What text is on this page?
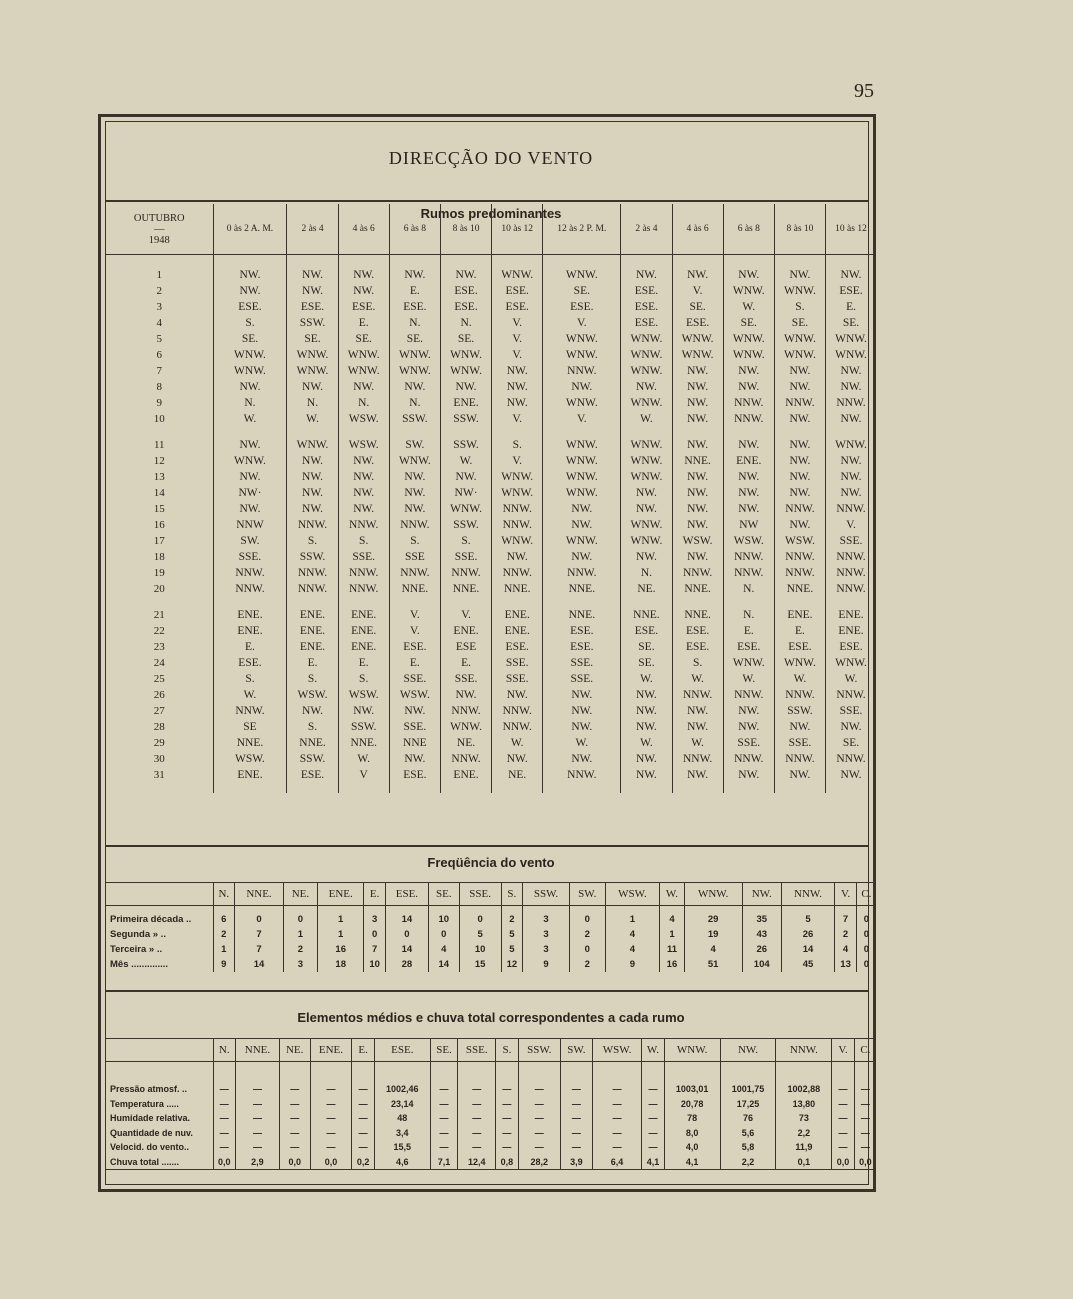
95
DIRECÇÃO DO VENTO
Rumos predominantes
OUTUBRO
—
1948	0 às 2 A. M.	2 às 4	4 às 6	6 às 8	8 às 10	10 às 12	12 às 2 P. M.	2 às 4	4 às 6	6 às 8	8 às 10	10 às 12

1	NW.	NW.	NW.	NW.	NW.	WNW.	WNW.	NW.	NW.	NW.	NW.	NW.
2	NW.	NW.	NW.	E.	ESE.	ESE.	SE.	ESE.	V.	WNW.	WNW.	ESE.
3	ESE.	ESE.	ESE.	ESE.	ESE.	ESE.	ESE.	ESE.	SE.	W.	S.	E.
4	S.	SSW.	E.	N.	N.	V.	V.	ESE.	ESE.	SE.	SE.	SE.
5	SE.	SE.	SE.	SE.	SE.	V.	WNW.	WNW.	WNW.	WNW.	WNW.	WNW.
6	WNW.	WNW.	WNW.	WNW.	WNW.	V.	WNW.	WNW.	WNW.	WNW.	WNW.	WNW.
7	WNW.	WNW.	WNW.	WNW.	WNW.	NW.	NNW.	WNW.	NW.	NW.	NW.	NW.
8	NW.	NW.	NW.	NW.	NW.	NW.	NW.	NW.	NW.	NW.	NW.	NW.
9	N.	N.	N.	N.	ENE.	NW.	WNW.	WNW.	NW.	NNW.	NNW.	NNW.
10	W.	W.	WSW.	SSW.	SSW.	V.	V.	W.	NW.	NNW.	NW.	NW.

11	NW.	WNW.	WSW.	SW.	SSW.	S.	WNW.	WNW.	NW.	NW.	NW.	WNW.
12	WNW.	NW.	NW.	WNW.	W.	V.	WNW.	WNW.	NNE.	ENE.	NW.	NW.
13	NW.	NW.	NW.	NW.	NW.	WNW.	WNW.	WNW.	NW.	NW.	NW.	NW.
14	NW·	NW.	NW.	NW.	NW·	WNW.	WNW.	NW.	NW.	NW.	NW.	NW.
15	NW.	NW.	NW.	NW.	WNW.	NNW.	NW.	NW.	NW.	NW.	NNW.	NNW.
16	NNW	NNW.	NNW.	NNW.	SSW.	NNW.	NW.	WNW.	NW.	NW	NW.	V.
17	SW.	S.	S.	S.	S.	WNW.	WNW.	WNW.	WSW.	WSW.	WSW.	SSE.
18	SSE.	SSW.	SSE.	SSE	SSE.	NW.	NW.	NW.	NW.	NNW.	NNW.	NNW.
19	NNW.	NNW.	NNW.	NNW.	NNW.	NNW.	NNW.	N.	NNW.	NNW.	NNW.	NNW.
20	NNW.	NNW.	NNW.	NNE.	NNE.	NNE.	NNE.	NE.	NNE.	N.	NNE.	NNW.

21	ENE.	ENE.	ENE.	V.	V.	ENE.	NNE.	NNE.	NNE.	N.	ENE.	ENE.
22	ENE.	ENE.	ENE.	V.	ENE.	ENE.	ESE.	ESE.	ESE.	E.	E.	ENE.
23	E.	ENE.	ENE.	ESE.	ESE	ESE.	ESE.	SE.	ESE.	ESE.	ESE.	ESE.
24	ESE.	E.	E.	E.	E.	SSE.	SSE.	SE.	S.	WNW.	WNW.	WNW.
25	S.	S.	S.	SSE.	SSE.	SSE.	SSE.	W.	W.	W.	W.	W.
26	W.	WSW.	WSW.	WSW.	NW.	NW.	NW.	NW.	NNW.	NNW.	NNW.	NNW.
27	NNW.	NW.	NW.	NW.	NNW.	NNW.	NW.	NW.	NW.	NW.	SSW.	SSE.
28	SE	S.	SSW.	SSE.	WNW.	NNW.	NW.	NW.	NW.	NW.	NW.	NW.
29	NNE.	NNE.	NNE.	NNE	NE.	W.	W.	W.	W.	SSE.	SSE.	SE.
30	WSW.	SSW.	W.	NW.	NNW.	NW.	NW.	NW.	NNW.	NNW.	NNW.	NNW.
31	ENE.	ESE.	V	ESE.	ENE.	NE.	NNW.	NW.	NW.	NW.	NW.	NW.

Freqüência do vento
	N.	NNE.	NE.	ENE.	E.	ESE.	SE.	SSE.	S.	SSW.	SW.	WSW.	W.	WNW.	NW.	NNW.	V.	C.

Primeira década ..	6	0	0	1	3	14	10	0	2	3	0	1	4	29	35	5	7	0
Segunda » ..	2	7	1	1	0	0	0	5	5	3	2	4	1	19	43	26	2	0
Terceira » ..	1	7	2	16	7	14	4	10	5	3	0	4	11	4	26	14	4	0
Mês ..............	9	14	3	18	10	28	14	15	12	9	2	9	16	51	104	45	13	0
Elementos médios e chuva total correspondentes a cada rumo
	N.	NNE.	NE.	ENE.	E.	ESE.	SE.	SSE.	S.	SSW.	SW.	WSW.	W.	WNW.	NW.	NNW.	V.	C.

Pressão atmosf. ..	—	—	—	—	—	1002,46	—	—	—	—	—	—	—	1003,01	1001,75	1002,88	—	—
Temperatura .....	—	—	—	—	—	23,14	—	—	—	—	—	—	—	20,78	17,25	13,80	—	—
Humidade relativa.	—	—	—	—	—	48	—	—	—	—	—	—	—	78	76	73	—	—
Quantidade de nuv.	—	—	—	—	—	3,4	—	—	—	—	—	—	—	8,0	5,6	2,2	—	—
Velocid. do vento..	—	—	—	—	—	15,5	—	—	—	—	—	—	—	4,0	5,8	11,9	—	—
Chuva total .......	0,0	2,9	0,0	0,0	0,2	4,6	7,1	12,4	0,8	28,2	3,9	6,4	4,1	4,1	2,2	0,1	0,0	0,0
